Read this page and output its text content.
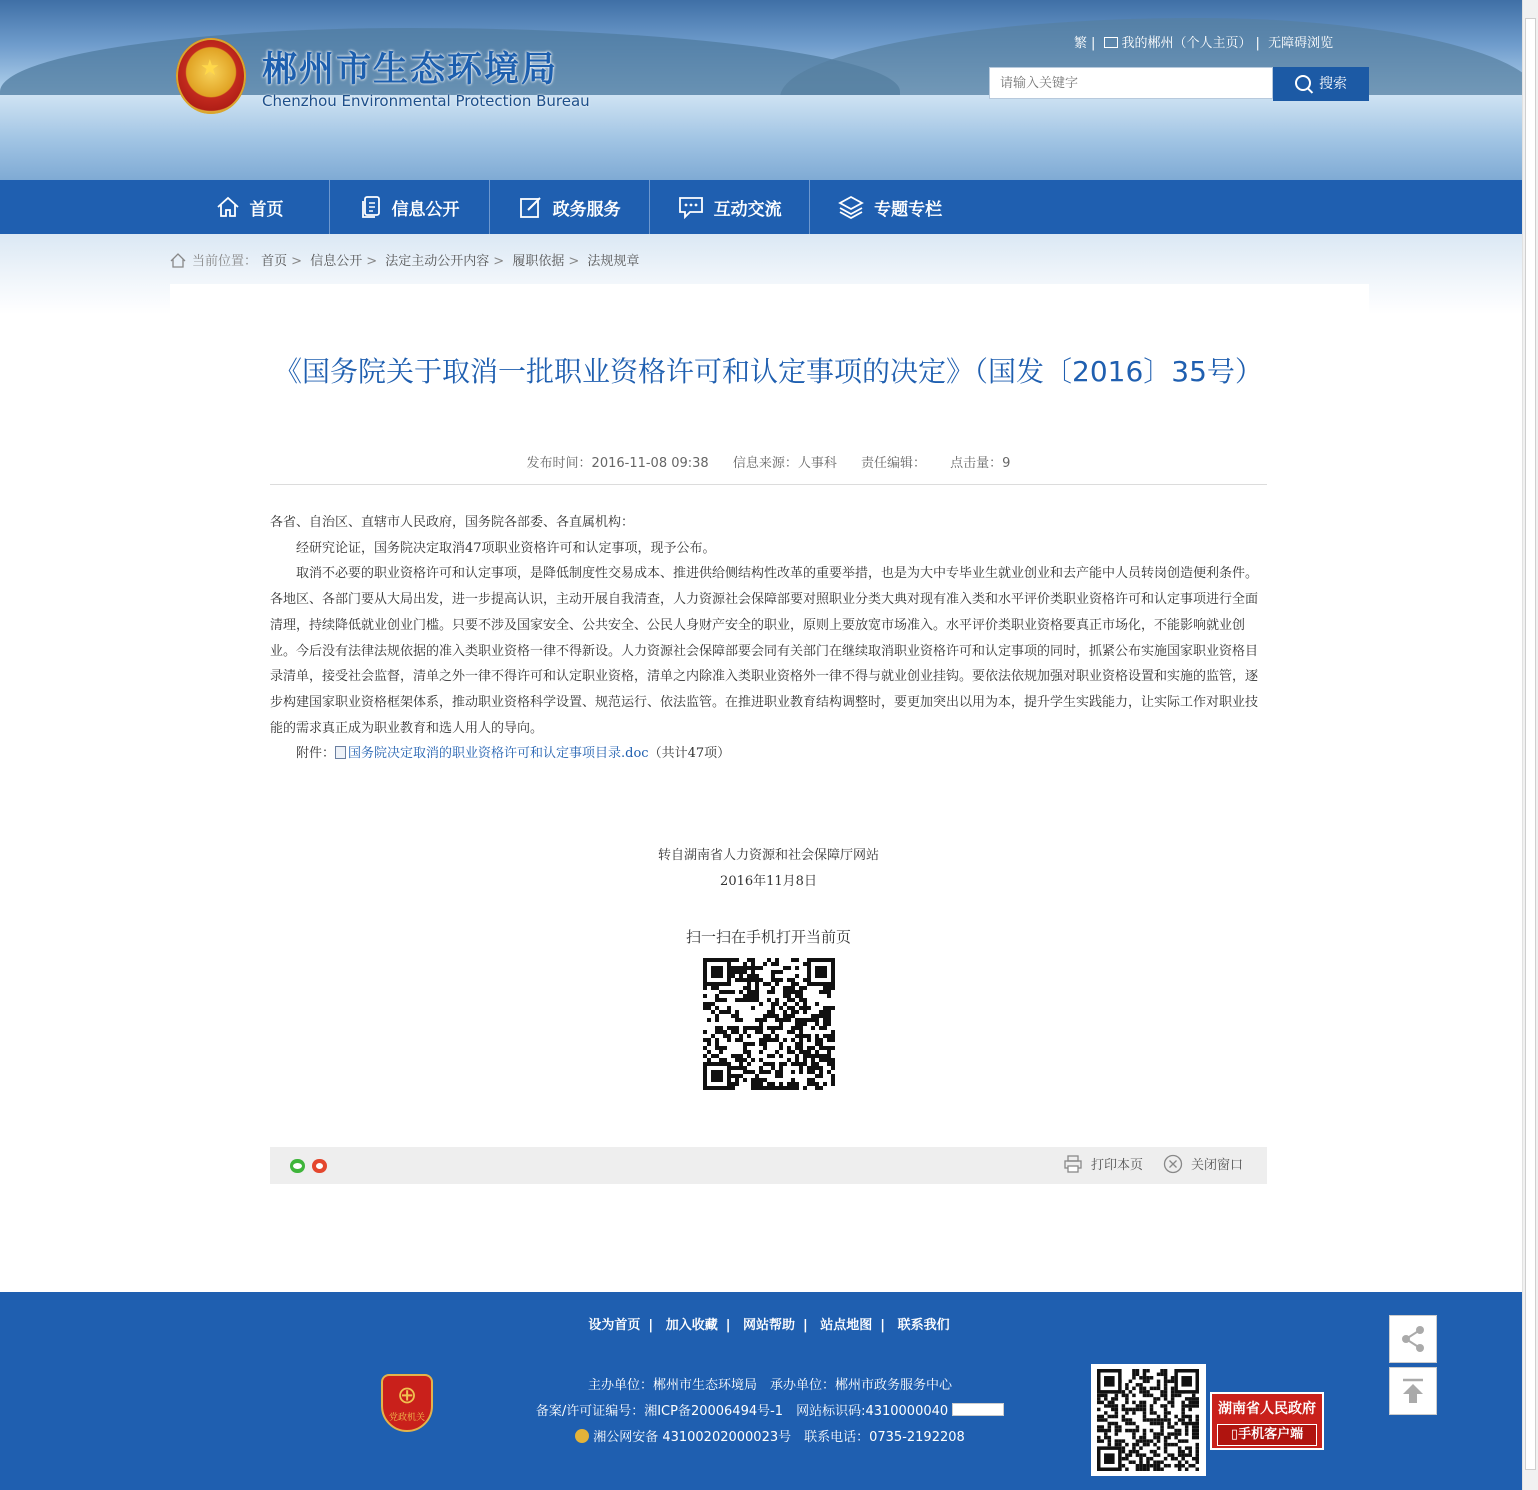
★ 郴州市生态环境局
Chenzhou Environmental Protection Bureau
繁 | 我的郴州（个人主页） | 无障碍浏览
请输入关键字
搜索
首页	信息公开	政务服务	互动交流	专题专栏
当前位置： 首页 > 信息公开 > 法定主动公开内容 > 履职依据 > 法规规章
《国务院关于取消一批职业资格许可和认定事项的决定》（国发〔2016〕35号）
发布时间：2016-11-08 09:38 信息来源：人事科 责任编辑： 点击量：9

各省、自治区、直辖市人民政府，国务院各部委、各直属机构：

经研究论证，国务院决定取消47项职业资格许可和认定事项，现予公布。

取消不必要的职业资格许可和认定事项，是降低制度性交易成本、推进供给侧结构性改革的重要举措，也是为大中专毕业生就业创业和去产能中人员转岗创造便利条件。各地区、各部门要从大局出发，进一步提高认识，主动开展自我清查，人力资源社会保障部要对照职业分类大典对现有准入类和水平评价类职业资格许可和认定事项进行全面清理，持续降低就业创业门槛。只要不涉及国家安全、公共安全、公民人身财产安全的职业，原则上要放宽市场准入。水平评价类职业资格要真正市场化，不能影响就业创业。今后没有法律法规依据的准入类职业资格一律不得新设。人力资源社会保障部要会同有关部门在继续取消职业资格许可和认定事项的同时，抓紧公布实施国家职业资格目录清单，接受社会监督，清单之外一律不得许可和认定职业资格，清单之内除准入类职业资格外一律不得与就业创业挂钩。要依法依规加强对职业资格设置和实施的监管，逐步构建国家职业资格框架体系，推动职业资格科学设置、规范运行、依法监管。在推进职业教育结构调整时，要更加突出以用为本，提升学生实践能力，让实际工作对职业技能的需求真正成为职业教育和选人用人的导向。

附件： 国务院决定取消的职业资格许可和认定事项目录.doc（共计47项）

转自湖南省人力资源和社会保障厅网站
2016年11月8日
扫一扫在手机打开当前页
打印本页	关闭窗口
设为首页 | 加入收藏 | 网站帮助 | 站点地图 | 联系我们
主办单位：郴州市生态环境局　承办单位：郴州市政务服务中心
备案/许可证编号：湘ICP备20006494号-1　网站标识码:4310000040
湘公网安备 43100202000023号　联系电话：0735-2192208
⊕
党政机关
湖南省人民政府
▯手机客户端
